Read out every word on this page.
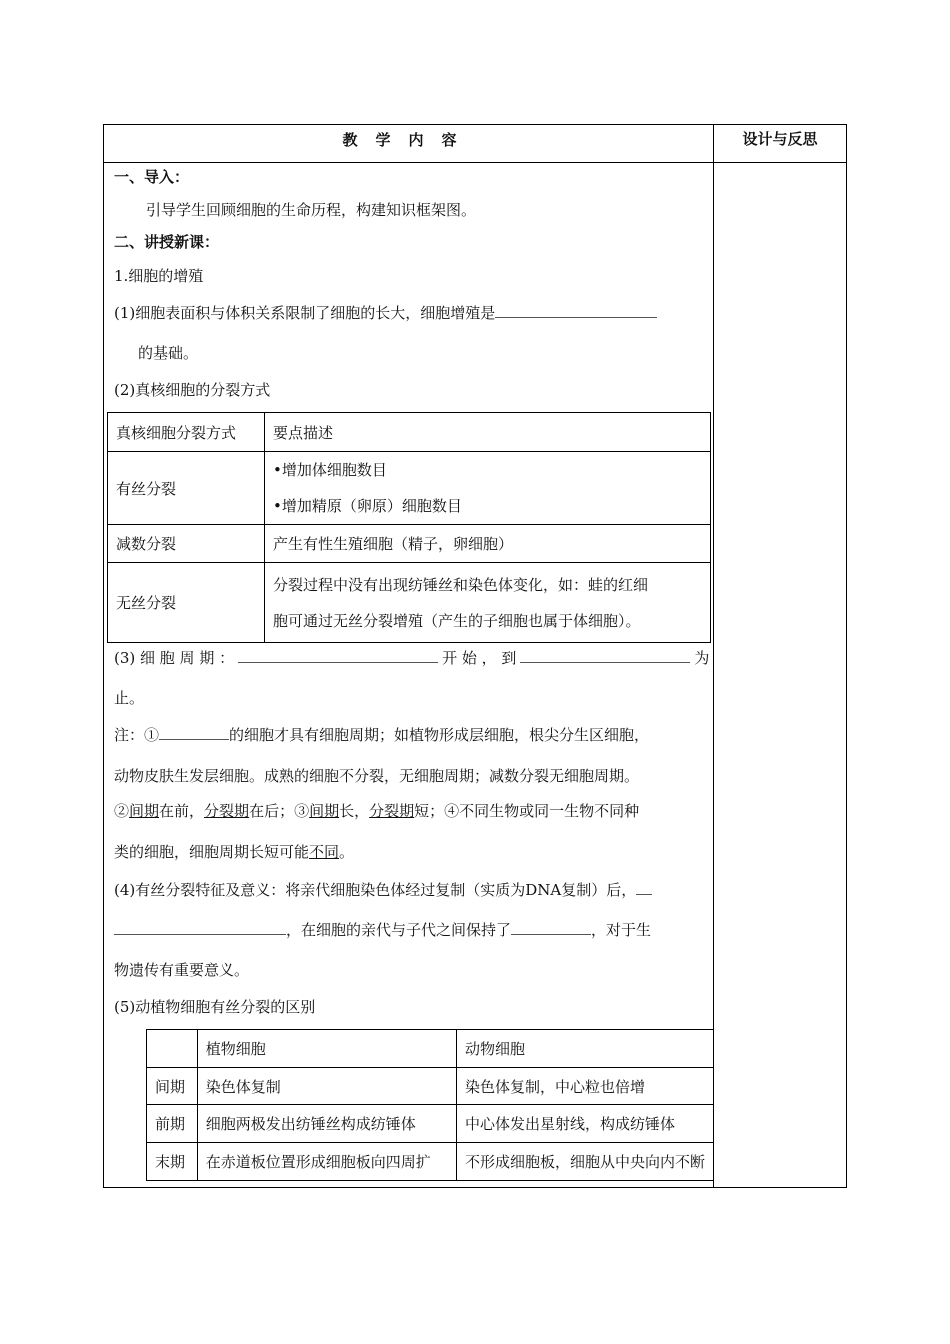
教学内容	设计与反思
一、导入：
引导学生回顾细胞的生命历程，构建知识框架图。
二、讲授新课：
1.细胞的增殖
(1)细胞表面积与体积关系限制了细胞的长大，细胞增殖是
的基础。
(2)真核细胞的分裂方式
真核细胞分裂方式	要点描述
有丝分裂	•增加体细胞数目
•增加精原（卵原）细胞数目

减数分裂	产生有性生殖细胞（精子，卵细胞）
无丝分裂	分裂过程中没有出现纺锤丝和染色体变化，如：蛙的红细
胞可通过无丝分裂增殖（产生的子细胞也属于体细胞）。
(3) 细 胞 周 期 ：	开 始 ， 到	为
止。
注：①	的细胞才具有细胞周期；如植物形成层细胞，根尖分生区细胞，
动物皮肤生发层细胞。成熟的细胞不分裂，无细胞周期；减数分裂无细胞周期。
②间期在前，分裂期在后；③间期长，分裂期短；④不同生物或同一生物不同种
类的细胞，细胞周期长短可能不同。
(4)有丝分裂特征及意义：将亲代细胞染色体经过复制（实质为DNA复制）后，
，在细胞的亲代与子代之间保持了	，对于生
物遗传有重要意义。
(5)动植物细胞有丝分裂的区别
	植物细胞	动物细胞
间期	染色体复制	染色体复制，中心粒也倍增
前期	细胞两极发出纺锤丝构成纺锤体	中心体发出星射线，构成纺锤体
末期	在赤道板位置形成细胞板向四周扩	不形成细胞板，细胞从中央向内不断
